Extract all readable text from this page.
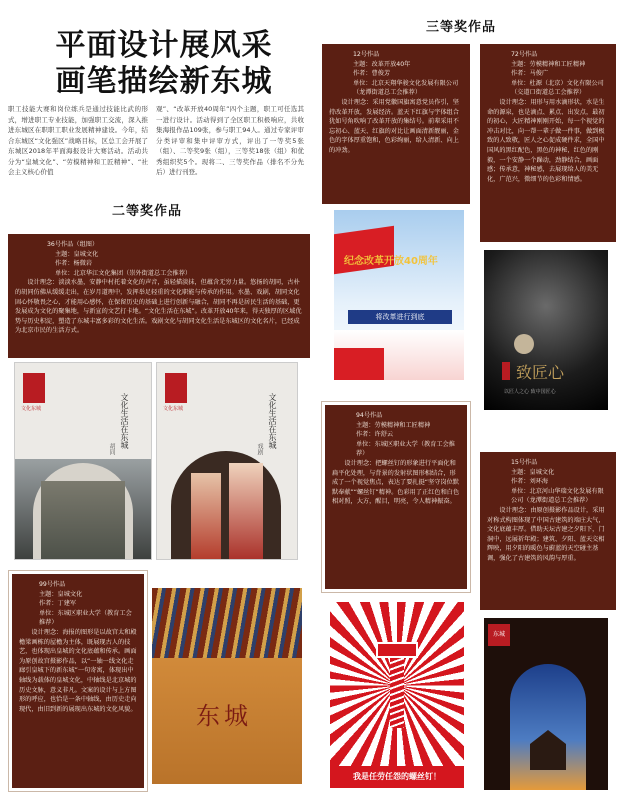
平面设计展风采
画笔描绘新东城
职工技能大赛和岗位练兵是通过技能比武的形式，增进职工专业技能，加强职工交流，深入推进东城区在职职工职业发展精神建设。今年，结合东城区“文化强区”战略目标，区总工会开展了东城区2018年平面海报设计大赛活动。活动共分为“皇城文化”、“劳模精神和工匠精神”、“社会主义核心价值
观”、“改革开放40周年”四个主题，职工可任选其一进行设计。活动得到了全区职工积极响应，共收集海报作品109张，参与职工94人。通过专家评审分类评审和集中评审方式，评出了一等奖5张（组）、二等奖9张（组），三等奖18张（组）和优秀组织奖5个。现将二、三等奖作品（排名不分先后）进行刊登。
二等奖作品

36号作品（组图）

主题：皇城文化

作者：杨微岩

单位：北京华江文化集团（崇外街道总工会推荐）

设计理念：淡淡水墨，安静中村托着文化的声音，虽轻描淡抹，但蕴含无穷力量。悠扬的胡同，古朴的胡同仿佛从缓缓走出，在岁月道理中，发挥举足轻重的文化职能与传承的作用。水墨、戏剧，胡同文化固心怀敬畏之心，才能用心感怀，在保留历史的基础上进行创新与融合，胡同不再是居民生活的基础，更发展成为文化的聚集地，与新宣的文艺打卡地。“文化生活在东城”。改革开放40年来，得天独厚的区域优势与历史积淀，塑造了东城丰富多彩的文化生活。戏剧文化与胡同文化生活是东城区的文化名片，已经成为北京市民的生活方式。

文化东城	文化生活在东城
胡同
文化东城	文化生活在东城
戏剧

99号作品

主题：皇城文化

作者：丁建军

单位：东城区职业大学（教育工会推荐）

设计理念：海报的图形是以故宫太和殿檐梁画栋的屋檐为主体，既展现古人的技艺，也体现出皇城的文化底蕴和传承。画面为原创故宫摄影作品，以“一轴一线文化走廊引皇城下的新东城”一句寄寓，体现出中轴线为载体的皇城文化，中轴线是北京城的历史文脉，意义非凡。文案的设计与上方图形的呼应，也恰是一条中轴线，由历史走向现代，由旧到新的展现出东城的文化风貌。 东城
三等奖作品

12号作品

主题：改革开放40年

作者：曹俊芳

单位：北京天翔华骏文化发展有限公司（龙潭街道总工会推荐）

设计理念：采用党徽国旗寓意党员作引，坚持改革开放，发展经济。蓝天下红旗与宇体组合犹如号角吹响了改革开放的集结号。前辈采用不忘初心、蓝天、红旗的对比让画面清新靓丽，金色的字体厚重饱和，色彩绚丽，给人清新、向上的冲劲。

纪念改革开放40周年
将改革进行到底

72号作品

主题：劳模精神和工匠精神

作者：马俊广

单位：杜源（北京）文化有限公司（交道口街道总工会推荐）

设计理念：用形与用水滴形状，水是生命的源泉，也是滴点、累点、出发点，最初的初心，大匠精神刚刚开始，每一个视觉的冲击对比，向一帮一辈子做一件事，做到极致的人致敬，匠人之心促成硬件求，全国中国风的黑红配色，黑色的神秘，红色的刚毅，一个安静一个躁动，劲静结合，画面感；传承意，神秘感，去展现给人的美无化，广范兴，微细节的色彩和情感。

致匠心
以匠人之心 致中国匠心

94号作品

主题：劳模精神和工匠精神

作者：许舒云

单位：东城区职业大学（教育工会推荐）

设计理念：把螺丝钉的形象进行平面化和扁平化处理，与背景的发射状图形相结合，形成了一个视觉焦点，表达了要扎挺“坚守岗位默默奉献”“螺丝钉”精神。色彩用了正红色和白色相对照，大方，醒目，明亮，令人精神振奋。

我是任劳任怨的螺丝钉！

15号作品

主题：皇城文化

作者：刘环海

单位：北京河山华瑞文化发展有限公司（龙潭街道总工会推荐）

设计理念：由原创摄影作品设计，采用对称式构图体现了中国古建筑的端庄大气，文化底蕴丰厚。借助天坛古建之夕阳下，门洞中，远展祈年殿；建筑、夕阳、蓝天交相辉映，用夕阳的暖色与蔚蓝的天空碰主基调，强化了古建筑的风韵与厚重。

东城
